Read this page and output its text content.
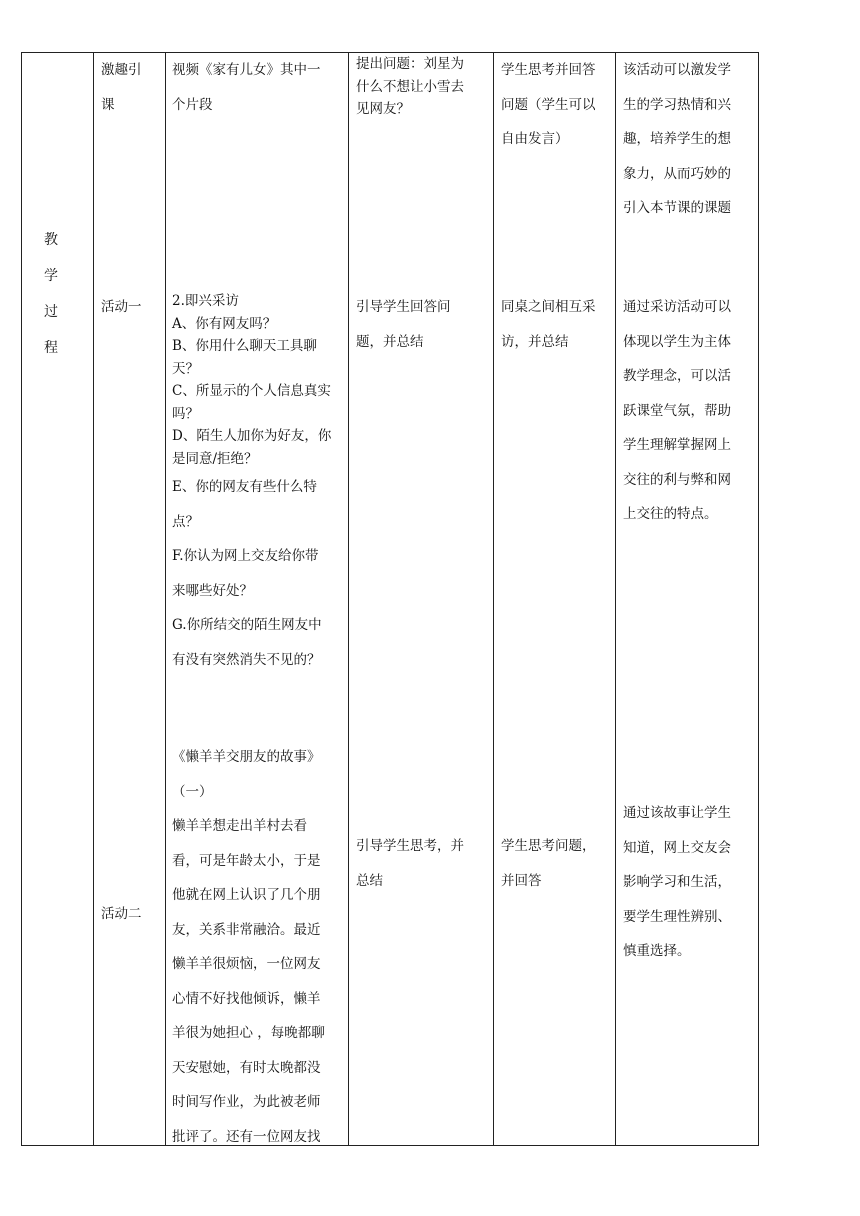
教
学
过
程
激趣引
课
视频《家有儿女》其中一
个片段
提出问题：刘星为
什么不想让小雪去
见网友？
学生思考并回答
问题（学生可以
自由发言）
该活动可以激发学
生的学习热情和兴
趣，培养学生的想
象力，从而巧妙的
引入本节课的课题
活动一 2.即兴采访
A、你有网友吗？
B、你用什么聊天工具聊
天？
C、所显示的个人信息真实
吗？
D、陌生人加你为好友，你
是同意/拒绝？
E、你的网友有些什么特
点？
F.你认为网上交友给你带
来哪些好处？
G.你所结交的陌生网友中
有没有突然消失不见的？
引导学生回答问
题，并总结
同桌之间相互采
访，并总结
通过采访活动可以
体现以学生为主体
教学理念，可以活
跃课堂气氛，帮助
学生理解掌握网上
交往的利与弊和网
上交往的特点。
活动二
《懒羊羊交朋友的故事》
（一）
懒羊羊想走出羊村去看
看，可是年龄太小，于是
他就在网上认识了几个朋
友，关系非常融洽。最近
懒羊羊很烦恼，一位网友
心情不好找他倾诉，懒羊
羊很为她担心 ，每晚都聊
天安慰她，有时太晚都没
时间写作业，为此被老师
批评了。还有一位网友找
引导学生思考，并
总结
学生思考问题，
并回答
通过该故事让学生
知道，网上交友会
影响学习和生活，
要学生理性辨别、
慎重选择。
